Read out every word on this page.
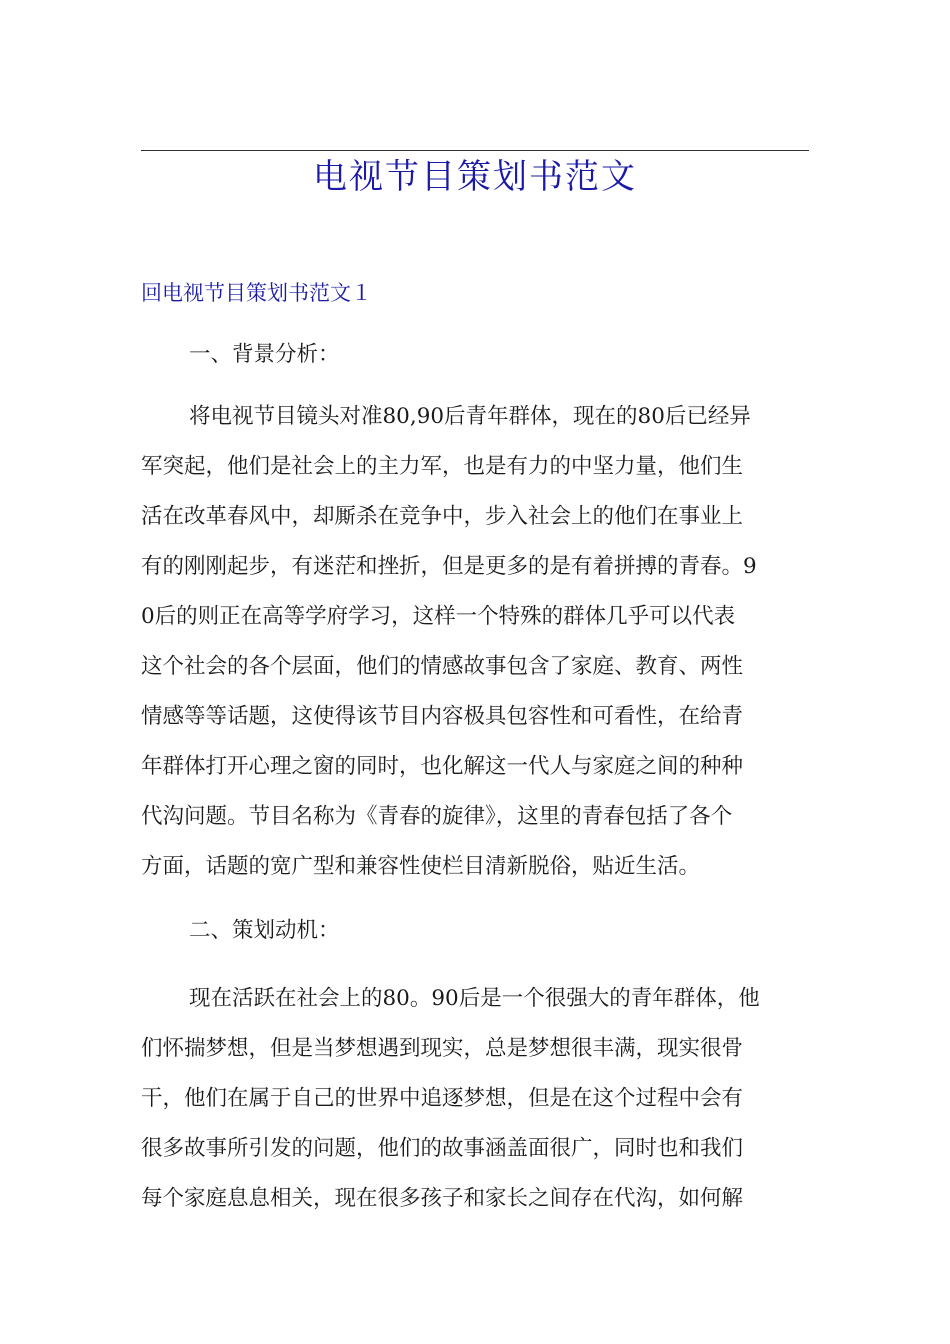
电视节目策划书范文
回电视节目策划书范文１

一、背景分析：

将电视节目镜头对准80,90后青年群体，现在的80后已经异
军突起，他们是社会上的主力军，也是有力的中坚力量，他们生
活在改革春风中，却厮杀在竞争中，步入社会上的他们在事业上
有的刚刚起步，有迷茫和挫折，但是更多的是有着拼搏的青春。9
0后的则正在高等学府学习，这样一个特殊的群体几乎可以代表
这个社会的各个层面，他们的情感故事包含了家庭、教育、两性
情感等等话题，这使得该节目内容极具包容性和可看性，在给青
年群体打开心理之窗的同时，也化解这一代人与家庭之间的种种
代沟问题。节目名称为《青春的旋律》，这里的青春包括了各个
方面，话题的宽广型和兼容性使栏目清新脱俗，贴近生活。

二、策划动机：

现在活跃在社会上的80。90后是一个很强大的青年群体，他
们怀揣梦想，但是当梦想遇到现实，总是梦想很丰满，现实很骨
干，他们在属于自己的世界中追逐梦想，但是在这个过程中会有
很多故事所引发的问题，他们的故事涵盖面很广，同时也和我们
每个家庭息息相关，现在很多孩子和家长之间存在代沟，如何解
